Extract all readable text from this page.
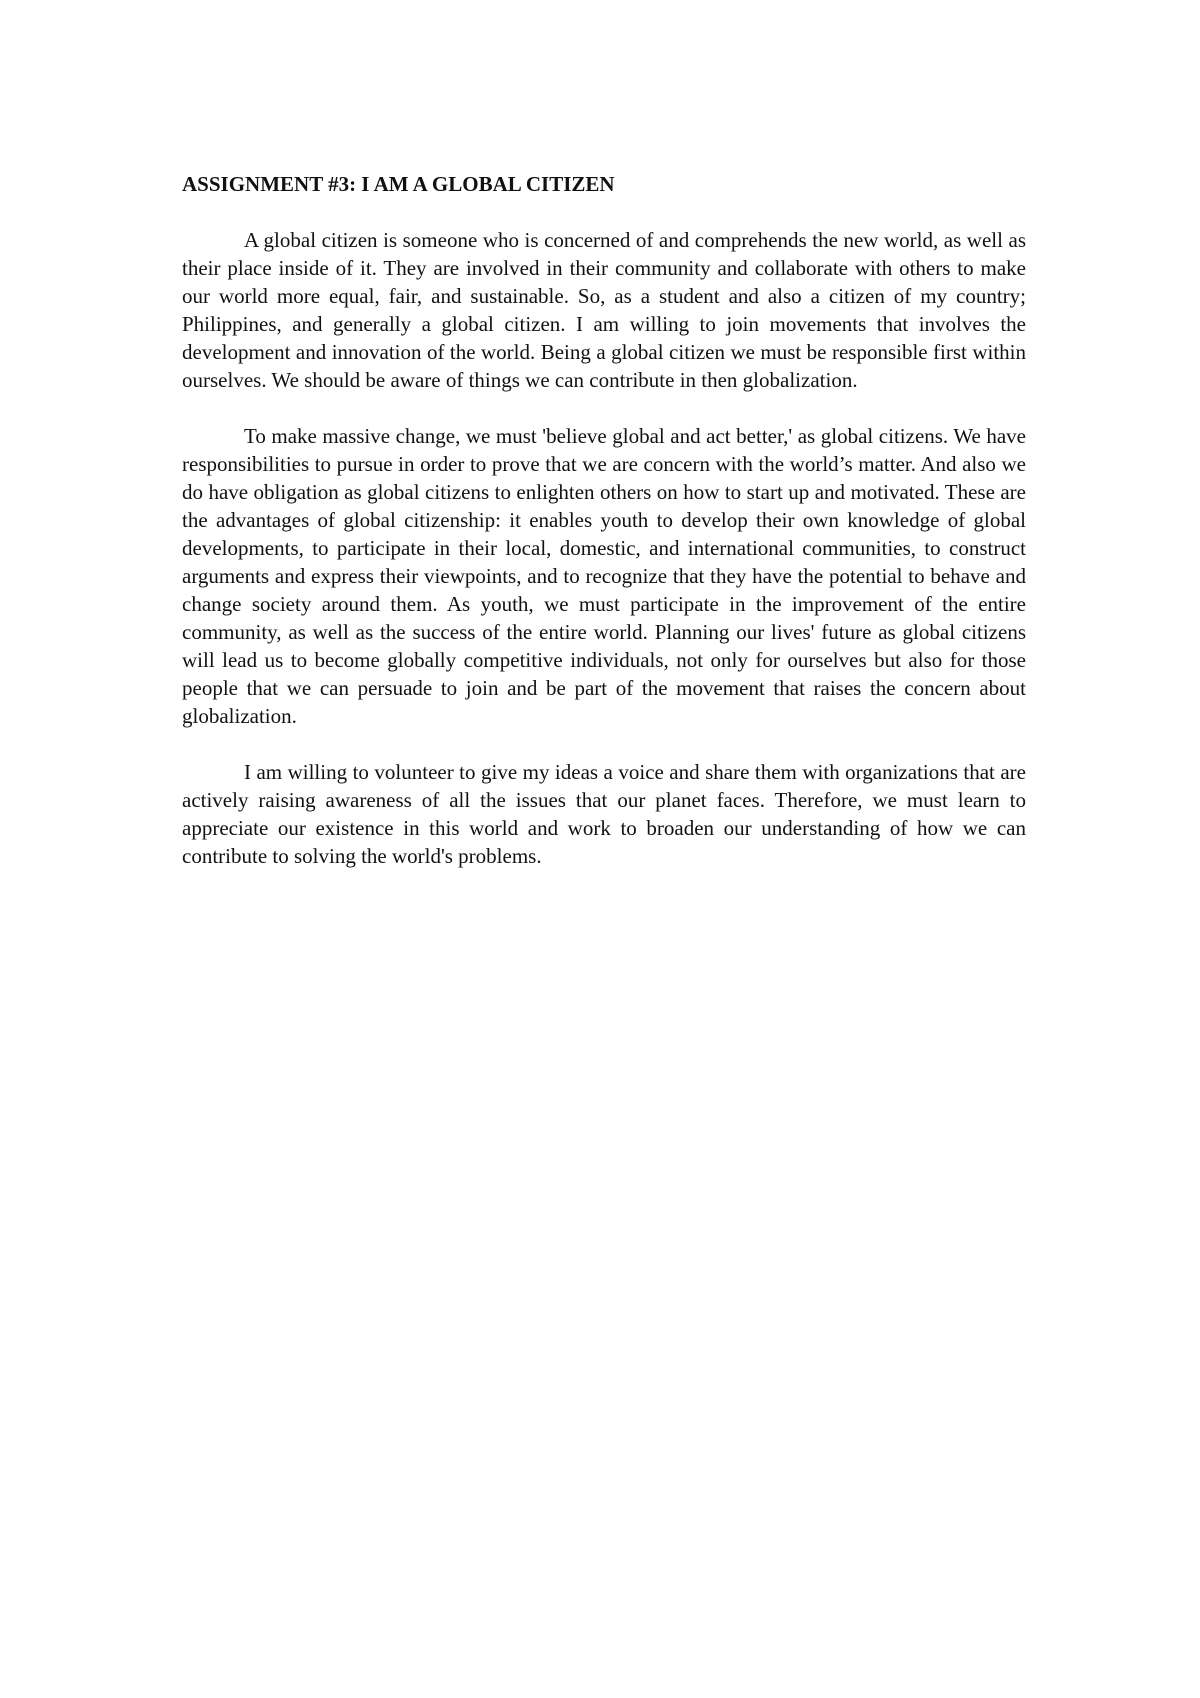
ASSIGNMENT #3: I AM A GLOBAL CITIZEN

A global citizen is someone who is concerned of and comprehends the new world, as well as their place inside of it. They are involved in their community and collaborate with others to make our world more equal, fair, and sustainable. So, as a student and also a citizen of my country; Philippines, and generally a global citizen. I am willing to join movements that involves the development and innovation of the world. Being a global citizen we must be responsible first within ourselves. We should be aware of things we can contribute in then globalization.

To make massive change, we must 'believe global and act better,' as global citizens. We have responsibilities to pursue in order to prove that we are concern with the world’s matter. And also we do have obligation as global citizens to enlighten others on how to start up and motivated. These are the advantages of global citizenship: it enables youth to develop their own knowledge of global developments, to participate in their local, domestic, and international communities, to construct arguments and express their viewpoints, and to recognize that they have the potential to behave and change society around them. As youth, we must participate in the improvement of the entire community, as well as the success of the entire world. Planning our lives' future as global citizens will lead us to become globally competitive individuals, not only for ourselves but also for those people that we can persuade to join and be part of the movement that raises the concern about globalization.

I am willing to volunteer to give my ideas a voice and share them with organizations that are actively raising awareness of all the issues that our planet faces. Therefore, we must learn to appreciate our existence in this world and work to broaden our understanding of how we can contribute to solving the world's problems.
